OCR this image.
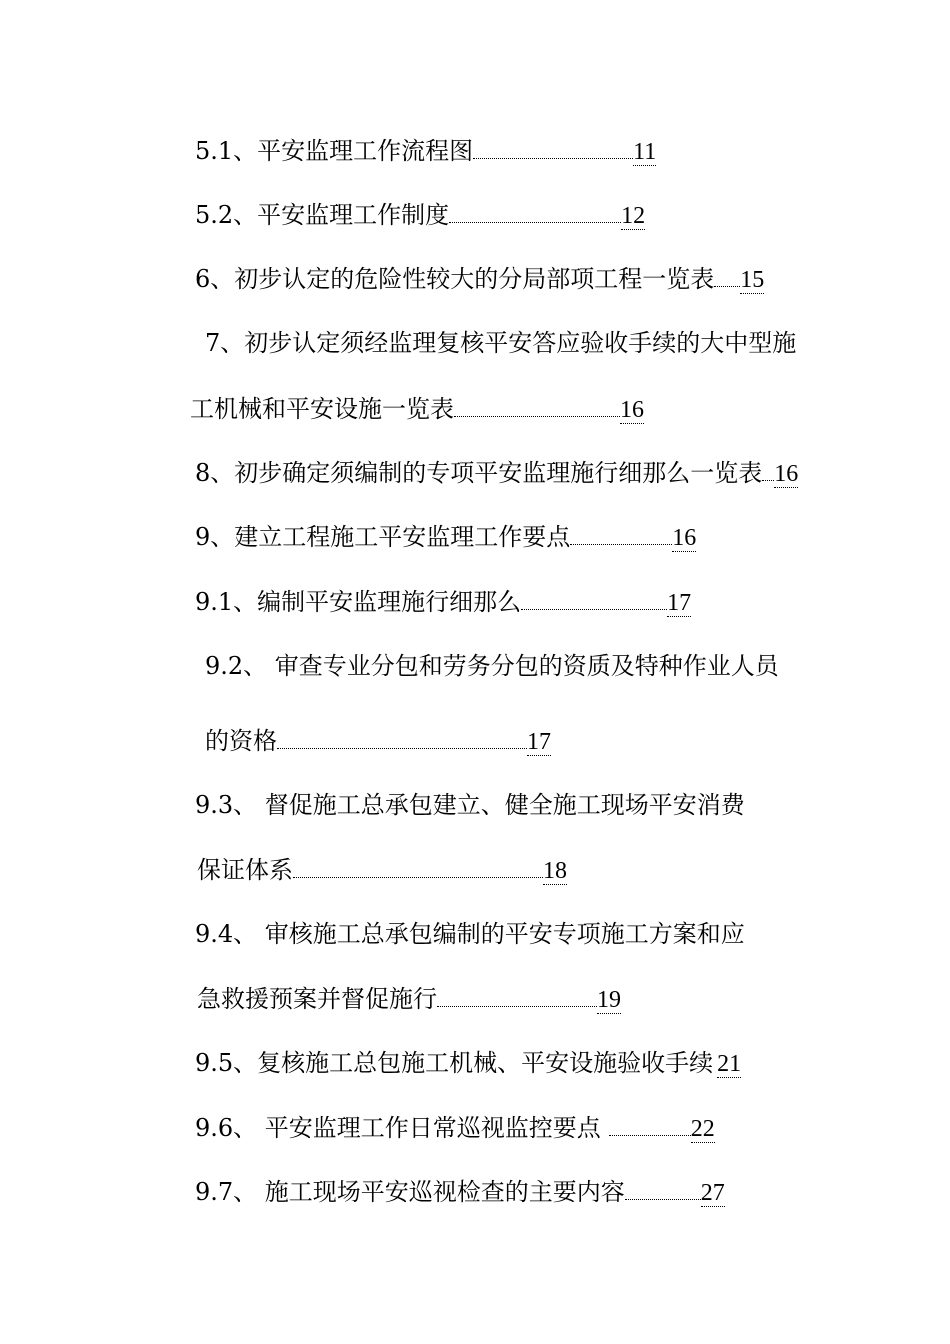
5.1、平安监理工作流程图	11
5.2、平安监理工作制度	12
6、初步认定的危险性较大的分局部项工程一览表 15
7、初步认定须经监理复核平安答应验收手续的大中型施
工机械和平安设施一览表	16
8、初步确定须编制的专项平安监理施行细那么一览表 16
9、建立工程施工平安监理工作要点	16
9.1、编制平安监理施行细那么	17
9.2、 审查专业分包和劳务分包的资质及特种作业人员
的资格	17
9.3、 督促施工总承包建立、健全施工现场平安消费
保证体系	18
9.4、 审核施工总承包编制的平安专项施工方案和应
急救援预案并督促施行	19
9.5、复核施工总包施工机械、平安设施验收手续 21
9.6、 平安监理工作日常巡视监控要点	22
9.7、 施工现场平安巡视检查的主要内容	27
